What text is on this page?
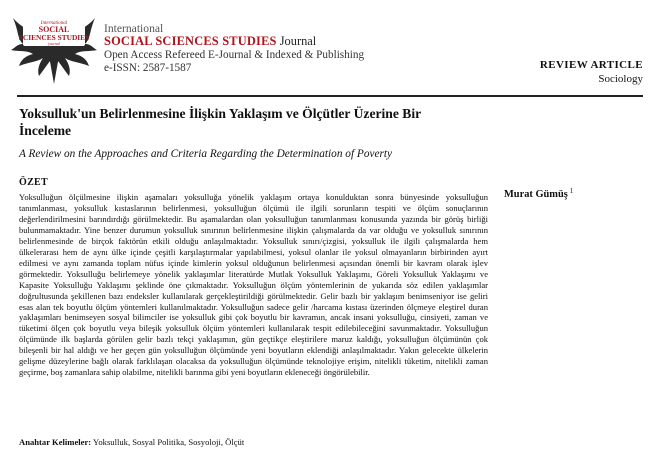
International
SOCIAL
SCIENCES STUDIES
journal
International
SOCIAL SCIENCES STUDIES Journal
Open Access Refereed E-Journal & Indexed & Publishing
e-ISSN: 2587-1587	REVIEW ARTICLE
Sociology
Yoksulluk'un Belirlenmesine İlişkin Yaklaşım ve Ölçütler Üzerine Bir İnceleme
A Review on the Approaches and Criteria Regarding the Determination of Poverty
ÖZET
Murat Gümüş $^1$

Yoksulluğun ölçülmesine ilişkin aşamaları yoksulluğa yönelik yaklaşım ortaya konulduktan sonra bünyesinde yoksulluğun tanımlanması, yoksulluk kıstaslarının belirlenmesi, yoksulluğun ölçümü ile ilgili sorunların tespiti ve ölçüm sonuçlarının değerlendirilmesini barındırdığı görülmektedir. Bu aşamalardan olan yoksulluğun tanımlanması konusunda yazında bir görüş birliği bulunmamaktadır. Yine benzer durumun yoksulluk sınırının belirlenmesine ilişkin çalışmalarda da var olduğu ve yoksulluk sınırının belirlenmesinde de birçok faktörün etkili olduğu anlaşılmaktadır. Yoksulluk sınırı/çizgisi, yoksulluk ile ilgili çalışmalarda hem ülkelerarası hem de aynı ülke içinde çeşitli karşılaştırmalar yapılabilmesi, yoksul olanlar ile yoksul olmayanların birbirinden ayırt edilmesi ve aynı zamanda toplam nüfus içinde kimlerin yoksul olduğunun belirlenmesi açısından önemli bir kavram olarak işlev görmektedir. Yoksulluğu belirlemeye yönelik yaklaşımlar literatürde Mutlak Yoksulluk Yaklaşımı, Göreli Yoksulluk Yaklaşımı ve Kapasite Yoksulluğu Yaklaşımı şeklinde öne çıkmaktadır. Yoksulluğun ölçüm yöntemlerinin de yukarıda söz edilen yaklaşımlar doğrultusunda şekillenen bazı endeksler kullanılarak gerçekleştirildiği görülmektedir. Gelir bazlı bir yaklaşım benimseniyor ise geliri esas alan tek boyutlu ölçüm yöntemleri kullanılmaktadır. Yoksulluğun sadece gelir /harcama kıstası üzerinden ölçmeye eleştirel duran yaklaşımları benimseyen sosyal bilimciler ise yoksulluk gibi çok boyutlu bir kavramın, ancak insani yoksulluğu, cinsiyeti, zaman ve tüketimi ölçen çok boyutlu veya bileşik yoksulluk ölçüm yöntemleri kullanılarak tespit edilebileceğini savunmaktadır. Yoksulluğun ölçümünde ilk başlarda görülen gelir bazlı tekçi yaklaşımın, gün geçtikçe eleştirilere maruz kaldığı, yoksulluğun ölçümünün çok bileşenli bir hal aldığı ve her geçen gün yoksulluğun ölçümünde yeni boyutların eklendiği anlaşılmaktadır. Yakın gelecekte ülkelerin gelişme düzeylerine bağlı olarak farklılaşan olacaksa da yoksulluğun ölçümünde teknolojiye erişim, nitelikli tüketim, nitelikli zaman geçirme, boş zamanlara sahip olabilme, nitelikli barınma gibi yeni boyutların ekleneceği öngörülebilir.

Anahtar Kelimeler: Yoksulluk, Sosyal Politika, Sosyoloji, Ölçüt
